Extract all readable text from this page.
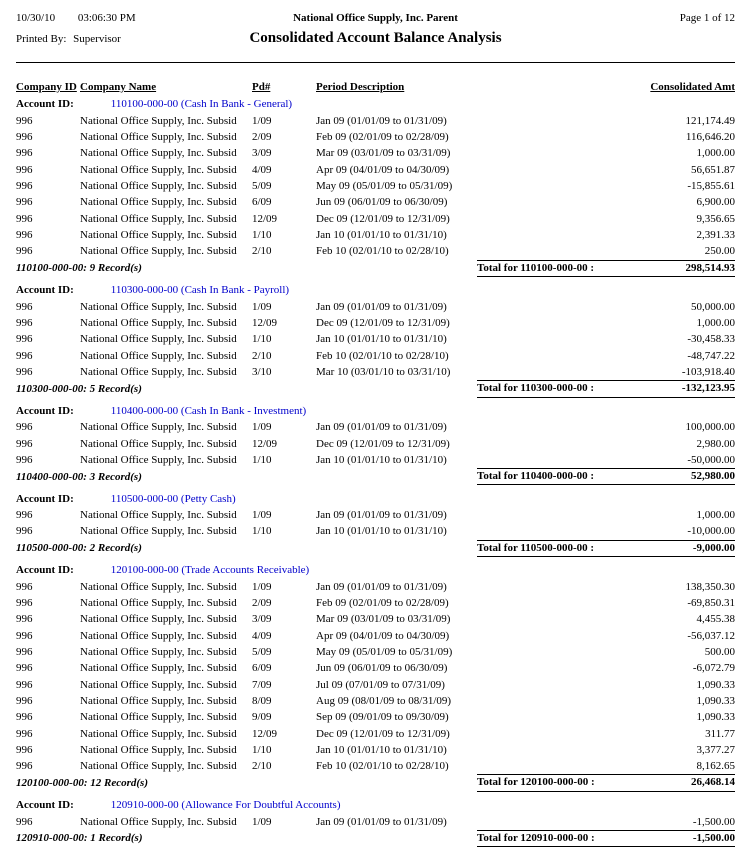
10/30/10 03:06:30 PM	National Office Supply, Inc. Parent	Page 1 of 12
Printed By: Supervisor	Consolidated Account Balance Analysis
Company ID Company Name	Pd#	Period Description	Consolidated Amt
Account ID:	110100-000-00 (Cash In Bank - General)
996	National Office Supply, Inc. Subsid	1/09	Jan 09 (01/01/09 to 01/31/09)	121,174.49
996	National Office Supply, Inc. Subsid	2/09	Feb 09 (02/01/09 to 02/28/09)	116,646.20
996	National Office Supply, Inc. Subsid	3/09	Mar 09 (03/01/09 to 03/31/09)	1,000.00
996	National Office Supply, Inc. Subsid	4/09	Apr 09 (04/01/09 to 04/30/09)	56,651.87
996	National Office Supply, Inc. Subsid	5/09	May 09 (05/01/09 to 05/31/09)	-15,855.61
996	National Office Supply, Inc. Subsid	6/09	Jun 09 (06/01/09 to 06/30/09)	6,900.00
996	National Office Supply, Inc. Subsid	12/09	Dec 09 (12/01/09 to 12/31/09)	9,356.65
996	National Office Supply, Inc. Subsid	1/10	Jan 10 (01/01/10 to 01/31/10)	2,391.33
996	National Office Supply, Inc. Subsid	2/10	Feb 10 (02/01/10 to 02/28/10)	250.00
110100-000-00: 9 Record(s)	Total for 110100-000-00 :	298,514.93
Account ID:	110300-000-00 (Cash In Bank - Payroll)
996	National Office Supply, Inc. Subsid	1/09	Jan 09 (01/01/09 to 01/31/09)	50,000.00
996	National Office Supply, Inc. Subsid	12/09	Dec 09 (12/01/09 to 12/31/09)	1,000.00
996	National Office Supply, Inc. Subsid	1/10	Jan 10 (01/01/10 to 01/31/10)	-30,458.33
996	National Office Supply, Inc. Subsid	2/10	Feb 10 (02/01/10 to 02/28/10)	-48,747.22
996	National Office Supply, Inc. Subsid	3/10	Mar 10 (03/01/10 to 03/31/10)	-103,918.40
110300-000-00: 5 Record(s)	Total for 110300-000-00 :	-132,123.95
Account ID:	110400-000-00 (Cash In Bank - Investment)
996	National Office Supply, Inc. Subsid	1/09	Jan 09 (01/01/09 to 01/31/09)	100,000.00
996	National Office Supply, Inc. Subsid	12/09	Dec 09 (12/01/09 to 12/31/09)	2,980.00
996	National Office Supply, Inc. Subsid	1/10	Jan 10 (01/01/10 to 01/31/10)	-50,000.00
110400-000-00: 3 Record(s)	Total for 110400-000-00 :	52,980.00
Account ID:	110500-000-00 (Petty Cash)
996	National Office Supply, Inc. Subsid	1/09	Jan 09 (01/01/09 to 01/31/09)	1,000.00
996	National Office Supply, Inc. Subsid	1/10	Jan 10 (01/01/10 to 01/31/10)	-10,000.00
110500-000-00: 2 Record(s)	Total for 110500-000-00 :	-9,000.00
Account ID:	120100-000-00 (Trade Accounts Receivable)
996	National Office Supply, Inc. Subsid	1/09	Jan 09 (01/01/09 to 01/31/09)	138,350.30
996	National Office Supply, Inc. Subsid	2/09	Feb 09 (02/01/09 to 02/28/09)	-69,850.31
996	National Office Supply, Inc. Subsid	3/09	Mar 09 (03/01/09 to 03/31/09)	4,455.38
996	National Office Supply, Inc. Subsid	4/09	Apr 09 (04/01/09 to 04/30/09)	-56,037.12
996	National Office Supply, Inc. Subsid	5/09	May 09 (05/01/09 to 05/31/09)	500.00
996	National Office Supply, Inc. Subsid	6/09	Jun 09 (06/01/09 to 06/30/09)	-6,072.79
996	National Office Supply, Inc. Subsid	7/09	Jul 09 (07/01/09 to 07/31/09)	1,090.33
996	National Office Supply, Inc. Subsid	8/09	Aug 09 (08/01/09 to 08/31/09)	1,090.33
996	National Office Supply, Inc. Subsid	9/09	Sep 09 (09/01/09 to 09/30/09)	1,090.33
996	National Office Supply, Inc. Subsid	12/09	Dec 09 (12/01/09 to 12/31/09)	311.77
996	National Office Supply, Inc. Subsid	1/10	Jan 10 (01/01/10 to 01/31/10)	3,377.27
996	National Office Supply, Inc. Subsid	2/10	Feb 10 (02/01/10 to 02/28/10)	8,162.65
120100-000-00: 12 Record(s)	Total for 120100-000-00 :	26,468.14
Account ID:	120910-000-00 (Allowance For Doubtful Accounts)
996	National Office Supply, Inc. Subsid	1/09	Jan 09 (01/01/09 to 01/31/09)	-1,500.00
120910-000-00: 1 Record(s)	Total for 120910-000-00 :	-1,500.00
